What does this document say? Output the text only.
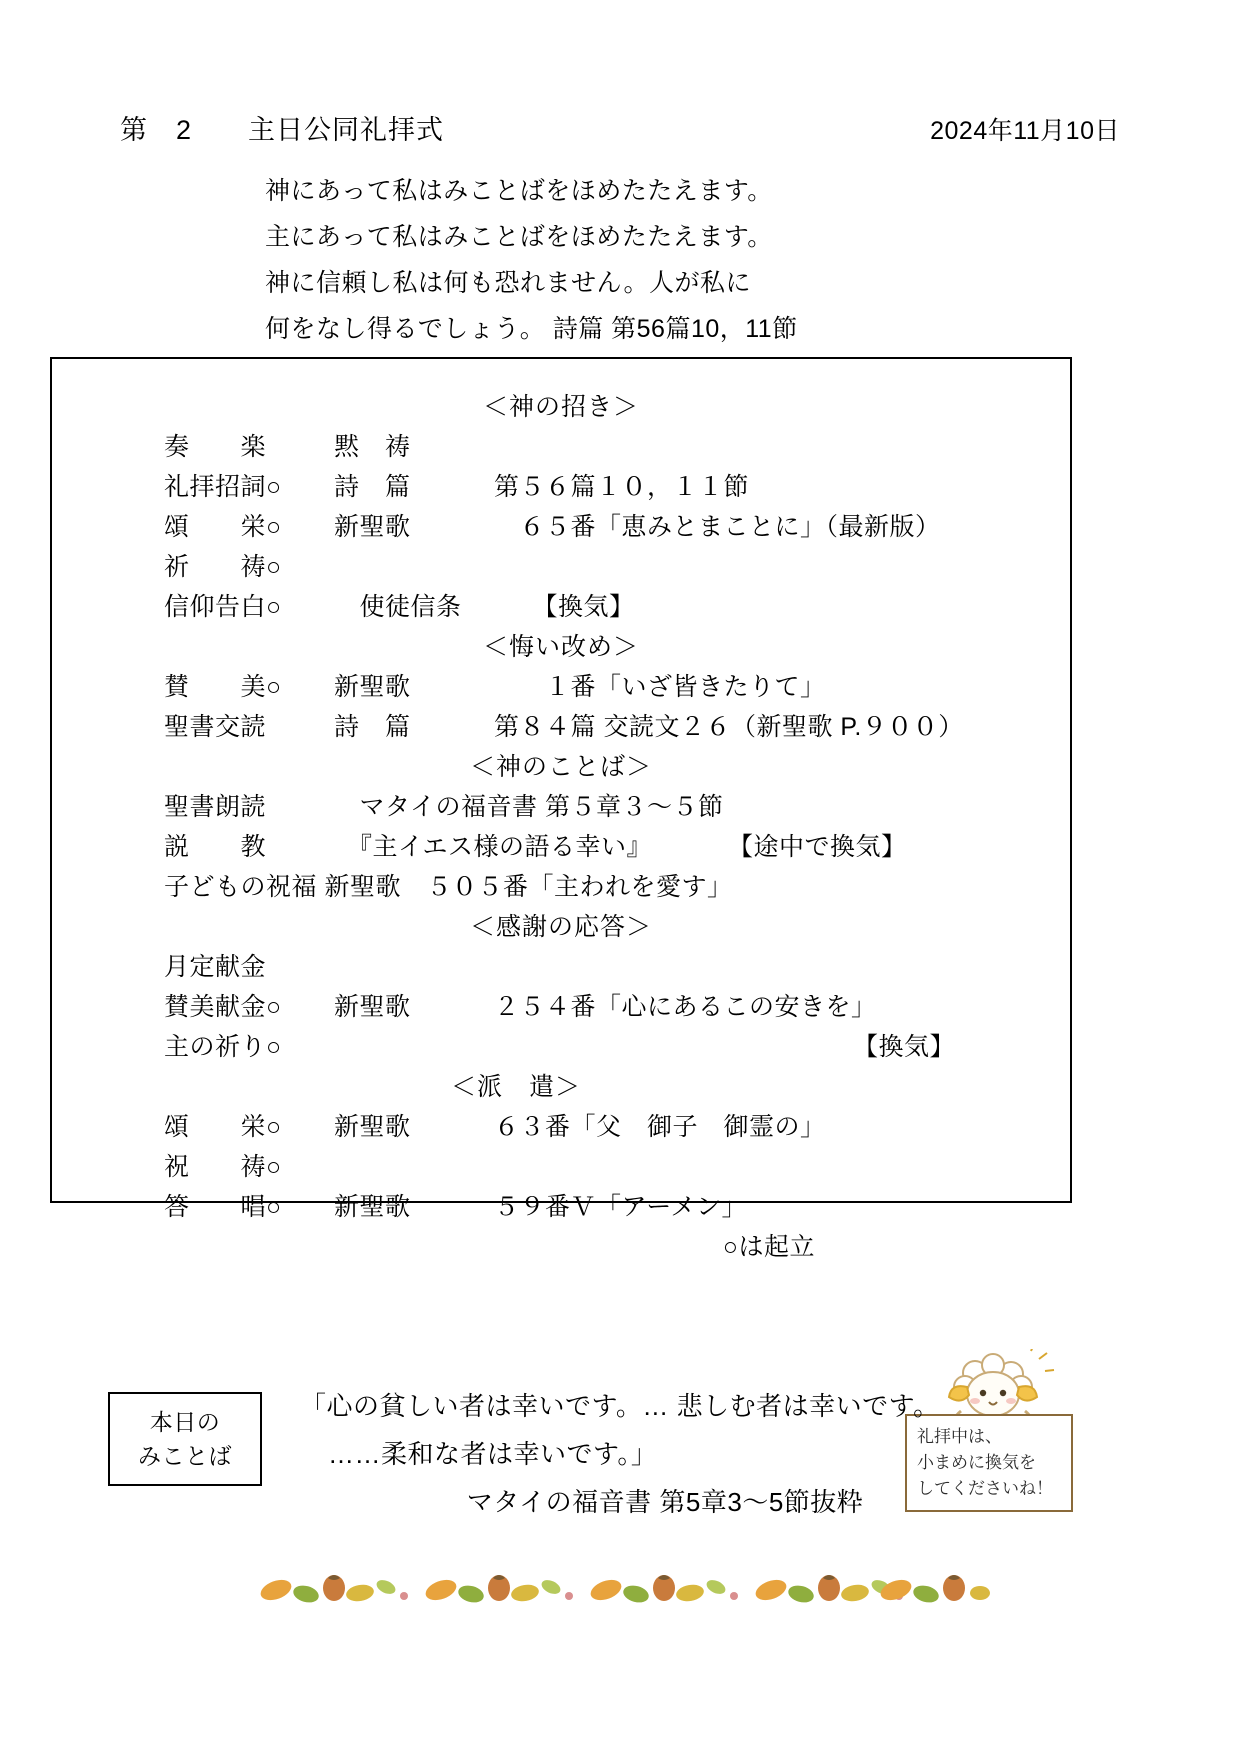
第　2　　主日公同礼拝式	2024年11月10日
神にあって私はみことばをほめたたえます。
主にあって私はみことばをほめたたえます。
神に信頼し私は何も恐れません。人が私に
何をなし得るでしょう。 詩篇 第56篇10，11節
＜神の招き＞
奏　　楽	黙　祷
礼拝招詞○	詩　篇	第５６篇１０，１１節
頌　　栄○	新聖歌	　６５番「恵みとまことに」（最新版）
祈　　祷○
信仰告白○	　使徒信条	　　【換気】
＜悔い改め＞
賛　　美○	新聖歌	　　１番「いざ皆きたりて」
聖書交読	詩　篇	第８４篇 交読文２６（新聖歌 P.９００）
＜神のことば＞
聖書朗読	　マタイの福音書 第５章３〜５節
説　　教	　『主イエス様の語る幸い』 　　　【途中で換気】
子どもの祝福 新聖歌　５０５番「主われを愛す」
＜感謝の応答＞
月定献金
賛美献金○	新聖歌	２５４番「心にあるこの安きを」
主の祈り○	【換気】
＜派　遣＞
頌　　栄○	新聖歌	６３番「父　御子　御霊の」
祝　　祷○
答　　唱○	新聖歌	５９番Ｖ「アーメン」
○は起立
礼拝中は、
小まめに換気を
してくださいね！
本日の
みことば
「心の貧しい者は幸いです。… 悲しむ者は幸いです。
……柔和な者は幸いです。」
マタイの福音書 第5章3〜5節抜粋
